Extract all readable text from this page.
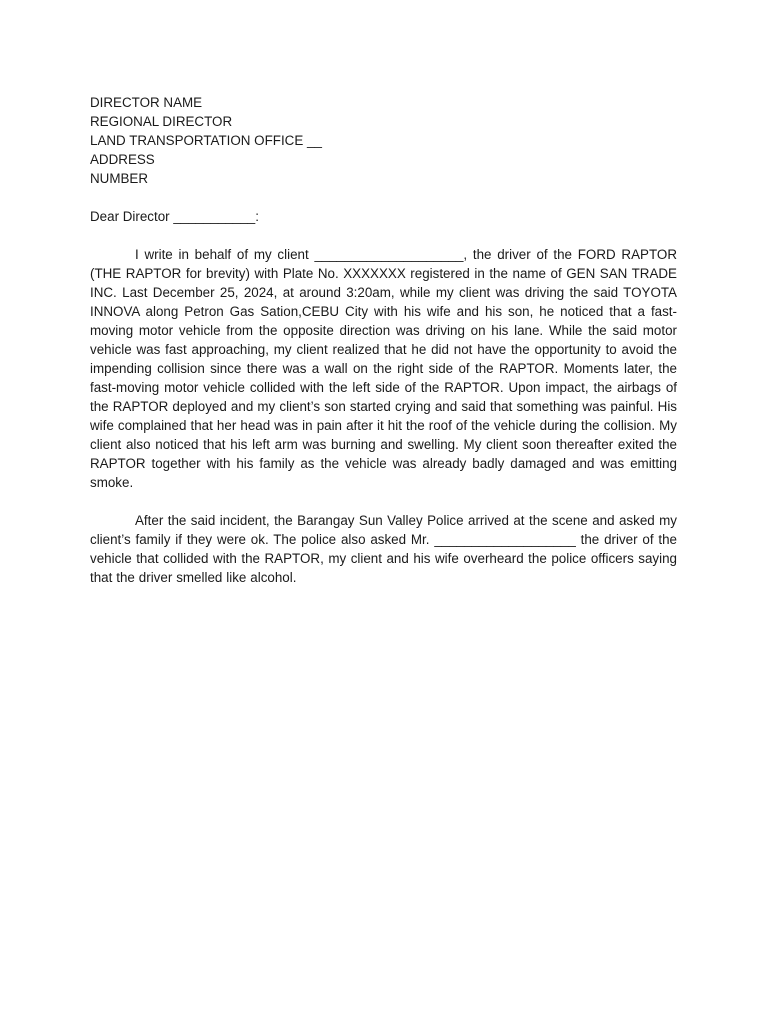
DIRECTOR NAME
REGIONAL DIRECTOR
LAND TRANSPORTATION OFFICE __
ADDRESS
NUMBER
Dear Director ___________:

I write in behalf of my client ____________________, the driver of the FORD RAPTOR (THE RAPTOR for brevity) with Plate No. XXXXXXX registered in the name of GEN SAN TRADE INC. Last December 25, 2024, at around 3:20am, while my client was driving the said TOYOTA INNOVA along Petron Gas Sation,CEBU City with his wife and his son, he noticed that a fast-moving motor vehicle from the opposite direction was driving on his lane. While the said motor vehicle was fast approaching, my client realized that he did not have the opportunity to avoid the impending collision since there was a wall on the right side of the RAPTOR. Moments later, the fast-moving motor vehicle collided with the left side of the RAPTOR. Upon impact, the airbags of the RAPTOR deployed and my client’s son started crying and said that something was painful. His wife complained that her head was in pain after it hit the roof of the vehicle during the collision. My client also noticed that his left arm was burning and swelling. My client soon thereafter exited the RAPTOR together with his family as the vehicle was already badly damaged and was emitting smoke.

After the said incident, the Barangay Sun Valley Police arrived at the scene and asked my client’s family if they were ok. The police also asked Mr. ___________________ the driver of the vehicle that collided with the RAPTOR, my client and his wife overheard the police officers saying that the driver smelled like alcohol.
